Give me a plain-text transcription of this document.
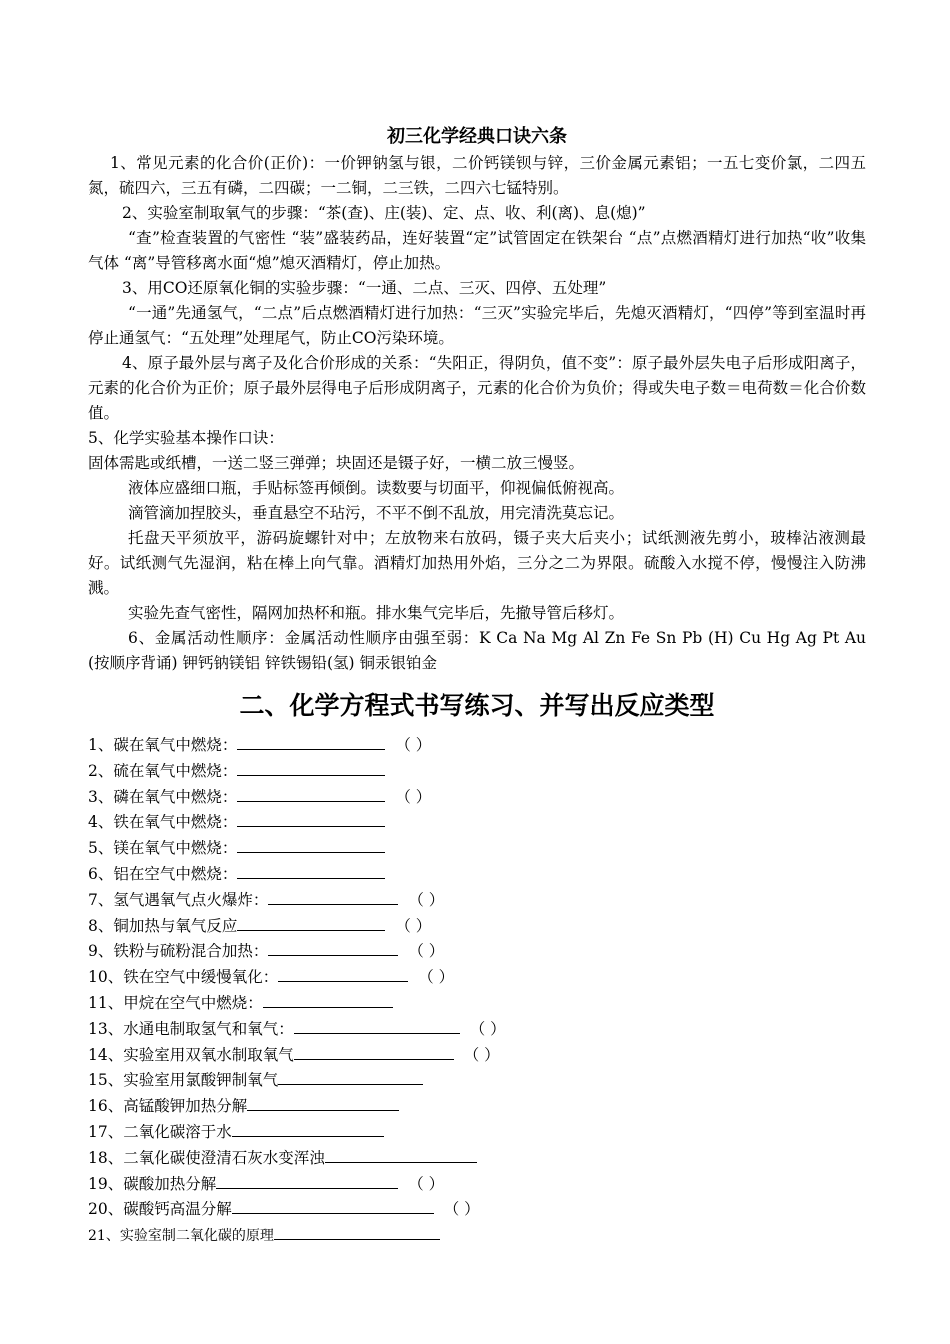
初三化学经典口诀六条

1、常见元素的化合价(正价)：一价钾钠氢与银，二价钙镁钡与锌，三价金属元素铝；一五七变价氯，二四五氮，硫四六，三五有磷，二四碳；一二铜，二三铁，二四六七锰特别。

2、实验室制取氧气的步骤：“茶(查)、庄(装)、定、点、收、利(离)、息(熄)”

“查”检查装置的气密性 “装”盛装药品，连好装置“定”试管固定在铁架台 “点”点燃酒精灯进行加热“收”收集气体 “离”导管移离水面“熄”熄灭酒精灯，停止加热。

3、用CO还原氧化铜的实验步骤：“一通、二点、三灭、四停、五处理”

“一通”先通氢气，“二点”后点燃酒精灯进行加热：“三灭”实验完毕后，先熄灭酒精灯，“四停”等到室温时再停止通氢气：“五处理”处理尾气，防止CO污染环境。

4、原子最外层与离子及化合价形成的关系：“失阳正，得阴负，值不变”：原子最外层失电子后形成阳离子，元素的化合价为正价；原子最外层得电子后形成阴离子，元素的化合价为负价；得或失电子数＝电荷数＝化合价数值。

5、化学实验基本操作口诀：

固体需匙或纸槽，一送二竖三弹弹；块固还是镊子好，一横二放三慢竖。

液体应盛细口瓶，手贴标签再倾倒。读数要与切面平，仰视偏低俯视高。

滴管滴加捏胶头，垂直悬空不玷污，不平不倒不乱放，用完清洗莫忘记。

托盘天平须放平，游码旋螺针对中；左放物来右放码，镊子夹大后夹小；试纸测液先剪小，玻棒沾液测最好。试纸测气先湿润，粘在棒上向气靠。酒精灯加热用外焰，三分之二为界限。硫酸入水搅不停，慢慢注入防沸溅。

实验先查气密性，隔网加热杯和瓶。排水集气完毕后，先撤导管后移灯。

6、金属活动性顺序：金属活动性顺序由强至弱：K Ca Na Mg Al Zn Fe Sn Pb (H) Cu Hg Ag Pt Au (按顺序背诵) 钾钙钠镁铝 锌铁锡铅(氢) 铜汞银铂金

二、化学方程式书写练习、并写出反应类型
1、碳在氧气中燃烧：	（ ）
2、硫在氧气中燃烧：
3、磷在氧气中燃烧：	（ ）
4、铁在氧气中燃烧：
5、镁在氧气中燃烧：
6、铝在空气中燃烧：
7、氢气遇氧气点火爆炸：	（ ）
8、铜加热与氧气反应	（ ）
9、铁粉与硫粉混合加热：	（ ）
10、铁在空气中缓慢氧化：	（ ）
11、甲烷在空气中燃烧：
13、水通电制取氢气和氧气：	（ ）
14、实验室用双氧水制取氧气	（ ）
15、实验室用氯酸钾制氧气
16、高锰酸钾加热分解
17、二氧化碳溶于水
18、二氧化碳使澄清石灰水变浑浊
19、碳酸加热分解	（ ）
20、碳酸钙高温分解	（ ）
21、实验室制二氧化碳的原理
